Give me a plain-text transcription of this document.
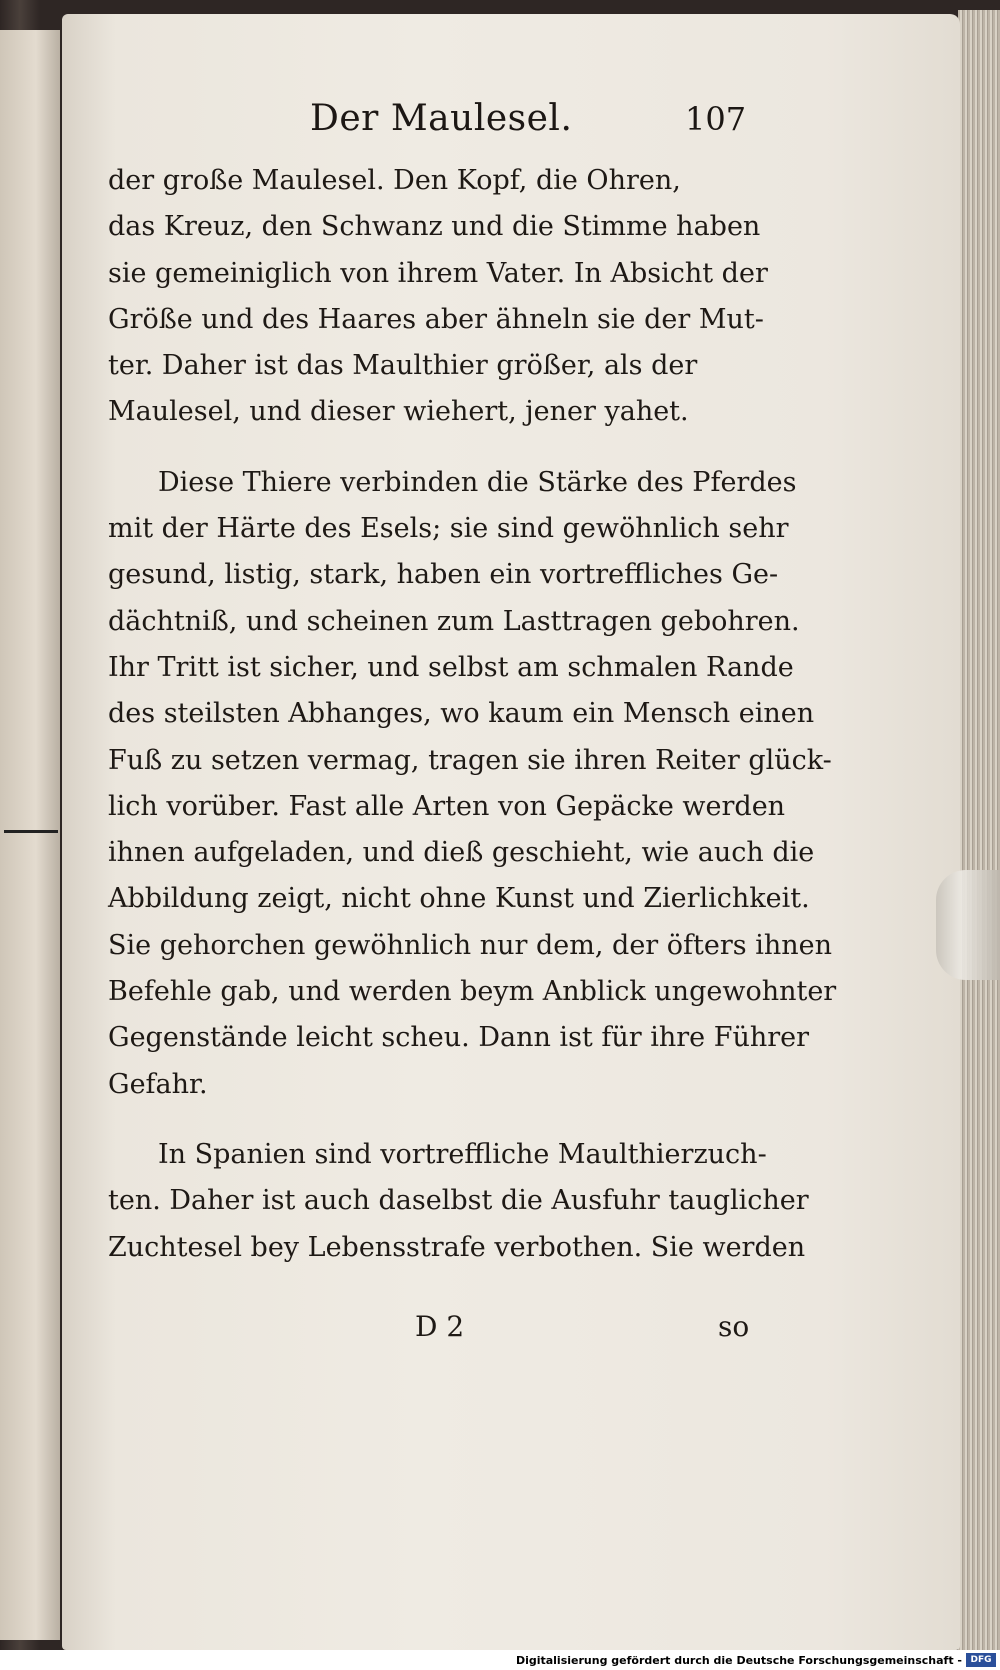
Der Maulesel.	107
der große Maulesel. Den Kopf, die Ohren,
das Kreuz, den Schwanz und die Stimme haben
sie gemeiniglich von ihrem Vater. In Absicht der
Größe und des Haares aber ähneln sie der Mut-
ter. Daher ist das Maulthier größer, als der
Maulesel, und dieser wiehert, jener yahet.
Diese Thiere verbinden die Stärke des Pferdes
mit der Härte des Esels; sie sind gewöhnlich sehr
gesund, listig, stark, haben ein vortreffliches Ge-
dächtniß, und scheinen zum Lasttragen gebohren.
Ihr Tritt ist sicher, und selbst am schmalen Rande
des steilsten Abhanges, wo kaum ein Mensch einen
Fuß zu setzen vermag, tragen sie ihren Reiter glück-
lich vorüber. Fast alle Arten von Gepäcke werden
ihnen aufgeladen, und dieß geschieht, wie auch die
Abbildung zeigt, nicht ohne Kunst und Zierlichkeit.
Sie gehorchen gewöhnlich nur dem, der öfters ihnen
Befehle gab, und werden beym Anblick ungewohnter
Gegenstände leicht scheu. Dann ist für ihre Führer
Gefahr.
In Spanien sind vortreffliche Maulthierzuch-
ten. Daher ist auch daselbst die Ausfuhr tauglicher
Zuchtesel bey Lebensstrafe verbothen. Sie werden
D 2	so
Digitalisierung gefördert durch die Deutsche Forschungsgemeinschaft - DFG
